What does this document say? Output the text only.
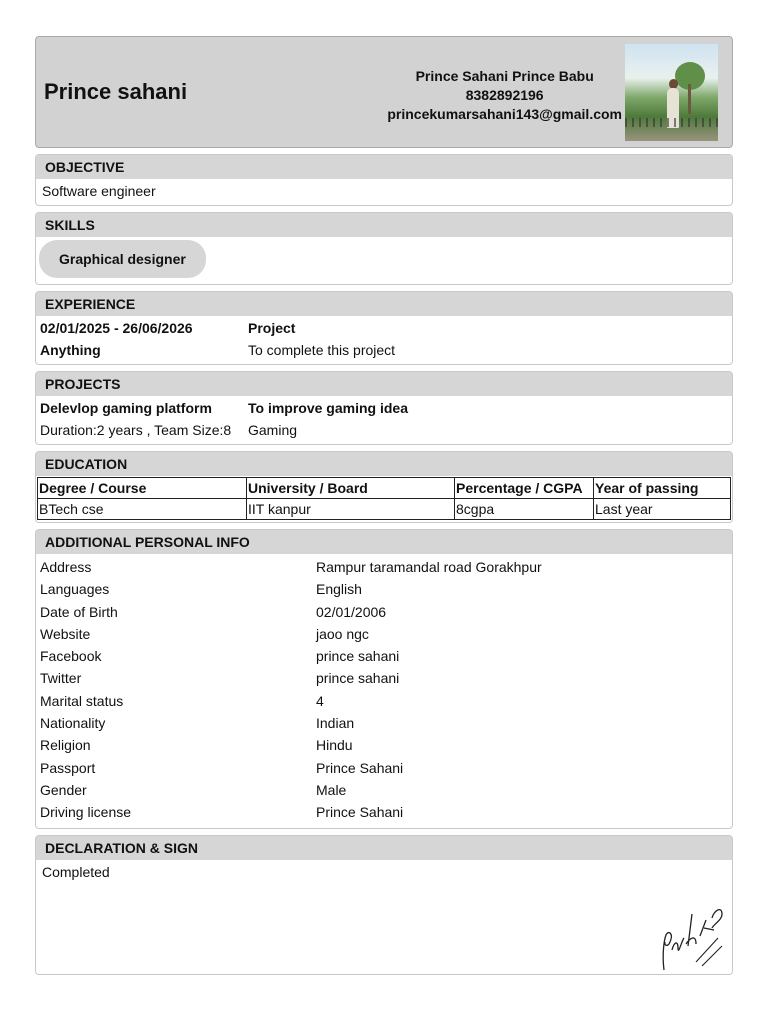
Prince sahani
Prince Sahani Prince Babu
8382892196
princekumarsahani143@gmail.com
OBJECTIVE
Software engineer
SKILLS
Graphical designer
EXPERIENCE
02/01/2025 - 26/06/2026	Project
Anything	To complete this project
PROJECTS
Delevlop gaming platform	To improve gaming idea
Duration:2 years , Team Size:8	Gaming
EDUCATION
Degree / Course	University / Board	Percentage / CGPA	Year of passing
BTech cse	IIT kanpur	8cgpa	Last year
ADDITIONAL PERSONAL INFO
Address	Rampur taramandal road Gorakhpur
Languages	English
Date of Birth	02/01/2006
Website	jaoo ngc
Facebook	prince sahani
Twitter	prince sahani
Marital status	4
Nationality	Indian
Religion	Hindu
Passport	Prince Sahani
Gender	Male
Driving license	Prince Sahani
DECLARATION & SIGN
Completed
